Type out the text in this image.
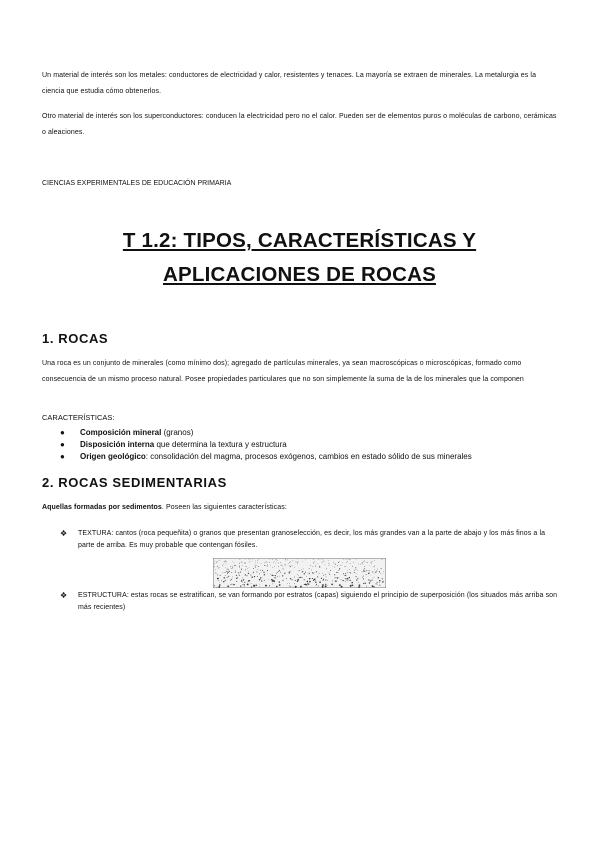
Un material de interés son los metales: conductores de electricidad y calor, resistentes y tenaces. La mayoría se extraen de minerales. La metalurgia es la ciencia que estudia cómo obtenerlos.

Otro material de interés son los superconductores: conducen la electricidad pero no el calor. Pueden ser de elementos puros o moléculas de carbono, cerámicas o aleaciones.

CIENCIAS EXPERIMENTALES DE EDUCACIÓN PRIMARIA

T 1.2: TIPOS, CARACTERÍSTICAS Y
APLICACIONES DE ROCAS
1. ROCAS

Una roca es un conjunto de minerales (como mínimo dos); agregado de partículas minerales, ya sean macroscópicas o microscópicas, formado como consecuencia de un mismo proceso natural. Posee propiedades particulares que no son simplemente la suma de la de los minerales que la componen

CARACTERÍSTICAS:

● Composición mineral (granos)
● Disposición interna que determina la textura y estructura
● Origen geológico: consolidación del magma, procesos exógenos, cambios en estado sólido de sus minerales
2. ROCAS SEDIMENTARIAS

Aquellas formadas por sedimentos. Poseen las siguientes características:

❖ TEXTURA: cantos (roca pequeñita) o granos que presentan granoselección, es decir, los más grandes van a la parte de abajo y los más finos a la parte de arriba. Es muy probable que contengan fósiles.
❖ ESTRUCTURA: estas rocas se estratifican, se van formando por estratos (capas) siguiendo el principio de superposición (los situados más arriba son más recientes)
